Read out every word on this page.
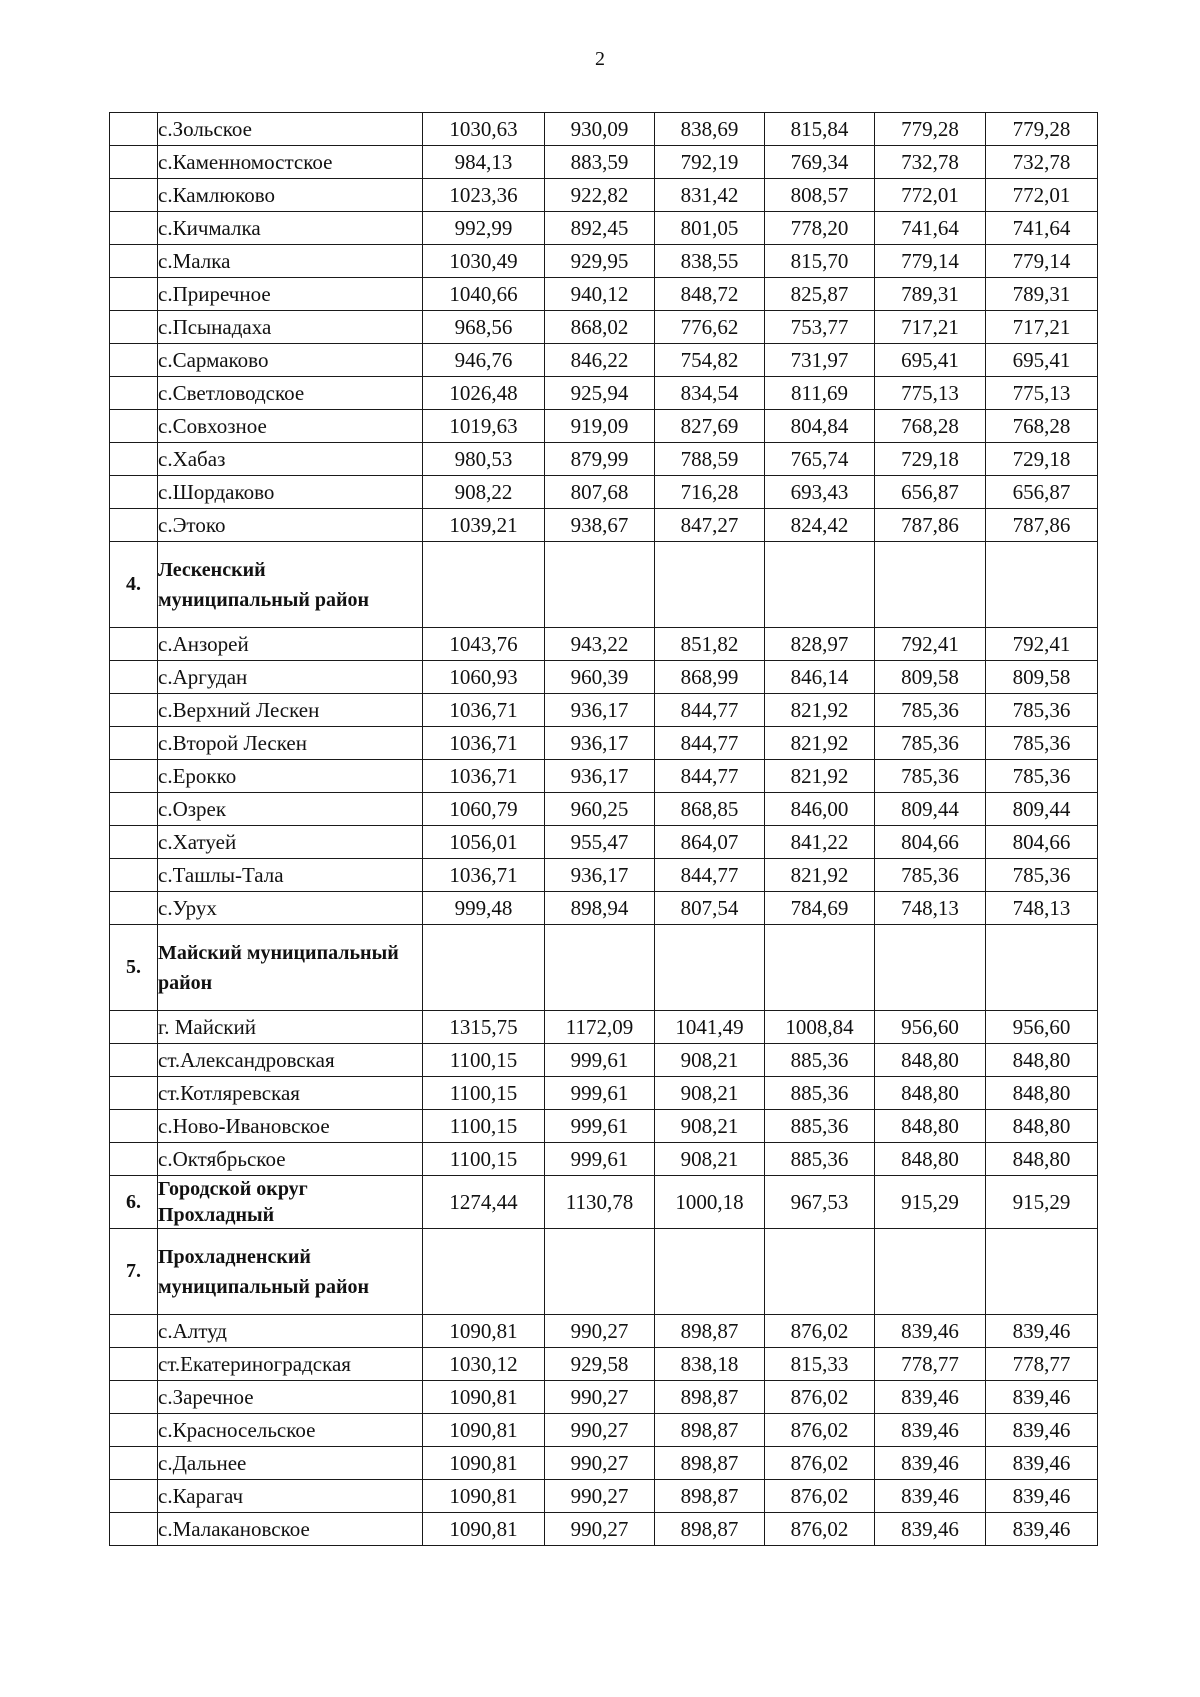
2
	с.Зольское	1030,63	930,09	838,69	815,84	779,28	779,28
	с.Каменномостское	984,13	883,59	792,19	769,34	732,78	732,78
	с.Камлюково	1023,36	922,82	831,42	808,57	772,01	772,01
	с.Кичмалка	992,99	892,45	801,05	778,20	741,64	741,64
	с.Малка	1030,49	929,95	838,55	815,70	779,14	779,14
	с.Приречное	1040,66	940,12	848,72	825,87	789,31	789,31
	с.Псынадаха	968,56	868,02	776,62	753,77	717,21	717,21
	с.Сармаково	946,76	846,22	754,82	731,97	695,41	695,41
	с.Светловодское	1026,48	925,94	834,54	811,69	775,13	775,13
	с.Совхозное	1019,63	919,09	827,69	804,84	768,28	768,28
	с.Хабаз	980,53	879,99	788,59	765,74	729,18	729,18
	с.Шордаково	908,22	807,68	716,28	693,43	656,87	656,87
	с.Этоко	1039,21	938,67	847,27	824,42	787,86	787,86
4.	Лескенский муниципальный район						
	с.Анзорей	1043,76	943,22	851,82	828,97	792,41	792,41
	с.Аргудан	1060,93	960,39	868,99	846,14	809,58	809,58
	с.Верхний Лескен	1036,71	936,17	844,77	821,92	785,36	785,36
	с.Второй Лескен	1036,71	936,17	844,77	821,92	785,36	785,36
	с.Ерокко	1036,71	936,17	844,77	821,92	785,36	785,36
	с.Озрек	1060,79	960,25	868,85	846,00	809,44	809,44
	с.Хатуей	1056,01	955,47	864,07	841,22	804,66	804,66
	с.Ташлы-Тала	1036,71	936,17	844,77	821,92	785,36	785,36
	с.Урух	999,48	898,94	807,54	784,69	748,13	748,13
5.	Майский муниципальный район						
	г. Майский	1315,75	1172,09	1041,49	1008,84	956,60	956,60
	ст.Александровская	1100,15	999,61	908,21	885,36	848,80	848,80
	ст.Котляревская	1100,15	999,61	908,21	885,36	848,80	848,80
	с.Ново-Ивановское	1100,15	999,61	908,21	885,36	848,80	848,80
	с.Октябрьское	1100,15	999,61	908,21	885,36	848,80	848,80
6.	Городской округ Прохладный	1274,44	1130,78	1000,18	967,53	915,29	915,29
7.	Прохладненский муниципальный район						
	с.Алтуд	1090,81	990,27	898,87	876,02	839,46	839,46
	ст.Екатериноградская	1030,12	929,58	838,18	815,33	778,77	778,77
	с.Заречное	1090,81	990,27	898,87	876,02	839,46	839,46
	с.Красносельское	1090,81	990,27	898,87	876,02	839,46	839,46
	с.Дальнее	1090,81	990,27	898,87	876,02	839,46	839,46
	с.Карагач	1090,81	990,27	898,87	876,02	839,46	839,46
	с.Малакановское	1090,81	990,27	898,87	876,02	839,46	839,46
